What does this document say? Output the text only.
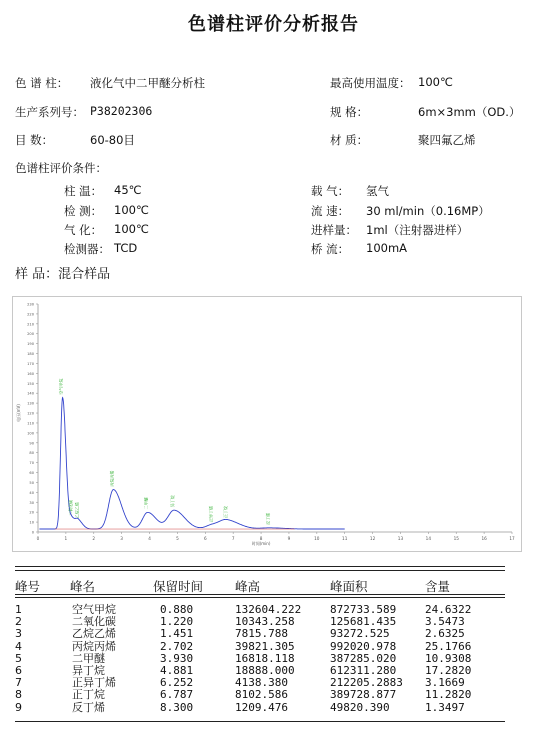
色谱柱评价分析报告
色 谱 柱： 液化气中二甲醚分析柱	最高使用温度： 100℃
生产系列号： P38202306	规 格：	6m×3mm（OD.）
目 数：	60-80目	材 质：	聚四氟乙烯
色谱柱评价条件：
柱 温： 45℃	载 气： 氢气
检 测： 100℃	流 速： 30 ml/min（0.16MP）
气 化： 100℃	进样量： 1ml（注射器进样）
检测器： TCD	桥 流： 100mA
样 品：混合样品
0
10
20
30
40
50
60
70
80
90
100
110
120
130
140
150
160
170
180
190
200
210
220
230
0	1	2	3	4	5	6	7	8	9	10	11	12	13	14	15	16	17
时间(min)
电压(mV)
空气甲烷
二氧化碳 乙烷乙烯
丙烷丙烯
二甲醚	异丁烷
正异丁烯 正丁烷
反丁烯
峰号 峰名	保留时间	峰高	峰面积	含量
1	空气甲烷	0.880	132604.222	872733.589	24.6322
2	二氧化碳	1.220	10343.258	125681.435	3.5473
3	乙烷乙烯	1.451	7815.788	93272.525	2.6325
4	丙烷丙烯	2.702	39821.305	992020.978	25.1766
5	二甲醚	3.930	16818.118	387285.020	10.9308
6	异丁烷	4.881	18888.000	612311.280	17.2820
7	正异丁烯	6.252	4138.380	212205.2883 3.1669
8	正丁烷	6.787	8102.586	389728.877	11.2820
9	反丁烯	8.300	1209.476	49820.390	1.3497
